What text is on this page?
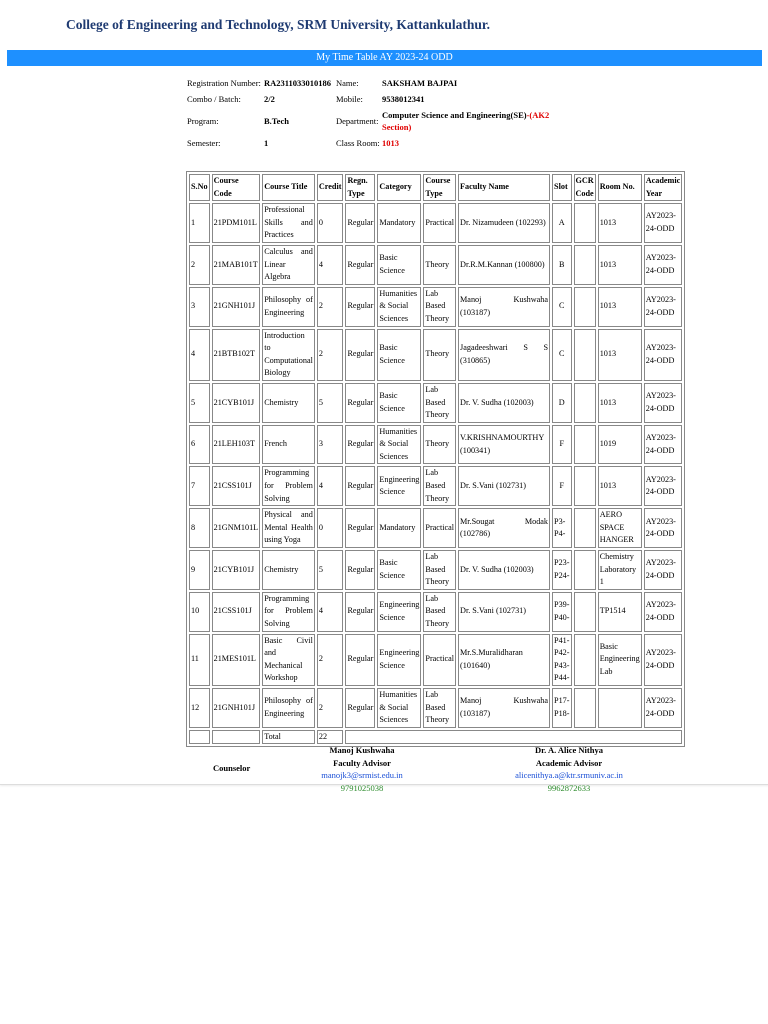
College of Engineering and Technology, SRM University, Kattankulathur.
My Time Table AY 2023-24 ODD
Registration Number:	RA2311033010186	Name:	SAKSHAM BAJPAI
Combo / Batch:	2/2	Mobile:	9538012341
Program:	B.Tech	Department:	Computer Science and Engineering(SE)-(AK2 Section)
Semester:	1	Class Room:	1013
S.No	Course Code	Course Title	Credit	Regn. Type	Category	Course Type	Faculty Name	Slot	GCR Code	Room No.	Academic Year
1	21PDM101L	Professional Skills and Practices	0	Regular	Mandatory	Practical	Dr. Nizamudeen (102293)	A		1013	AY2023-24-ODD
2	21MAB101T	Calculus and Linear Algebra	4	Regular	Basic Science	Theory	Dr.R.M.Kannan (100800)	B		1013	AY2023-24-ODD
3	21GNH101J	Philosophy of Engineering	2	Regular	Humanities & Social Sciences	Lab Based Theory	Manoj Kushwaha (103187)	C		1013	AY2023-24-ODD
4	21BTB102T	Introduction to Computational Biology	2	Regular	Basic Science	Theory	Jagadeeshwari S S (310865)	C		1013	AY2023-24-ODD
5	21CYB101J	Chemistry	5	Regular	Basic Science	Lab Based Theory	Dr. V. Sudha (102003)	D		1013	AY2023-24-ODD
6	21LEH103T	French	3	Regular	Humanities & Social Sciences	Theory	V.KRISHNAMOURTHY (100341)	F		1019	AY2023-24-ODD
7	21CSS101J	Programming for Problem Solving	4	Regular	Engineering Science	Lab Based Theory	Dr. S.Vani (102731)	F		1013	AY2023-24-ODD
8	21GNM101L	Physical and Mental Health using Yoga	0	Regular	Mandatory	Practical	Mr.Sougat Modak (102786)	P3-P4-		AERO SPACE HANGER	AY2023-24-ODD
9	21CYB101J	Chemistry	5	Regular	Basic Science	Lab Based Theory	Dr. V. Sudha (102003)	P23-P24-		Chemistry Laboratory 1	AY2023-24-ODD
10	21CSS101J	Programming for Problem Solving	4	Regular	Engineering Science	Lab Based Theory	Dr. S.Vani (102731)	P39-P40-		TP1514	AY2023-24-ODD
11	21MES101L	Basic Civil and Mechanical Workshop	2	Regular	Engineering Science	Practical	Mr.S.Muralidharan (101640)	P41-P42-P43-P44-		Basic Engineering Lab	AY2023-24-ODD
12	21GNH101J	Philosophy of Engineering	2	Regular	Humanities & Social Sciences	Lab Based Theory	Manoj Kushwaha (103187)	P17-P18-			AY2023-24-ODD
		Total	22								
Counselor
Manoj Kushwaha
Faculty Advisor
manojk3@srmist.edu.in
9791025038
Dr. A. Alice Nithya
Academic Advisor
alicenithya.a@ktr.srmuniv.ac.in
9962872633
